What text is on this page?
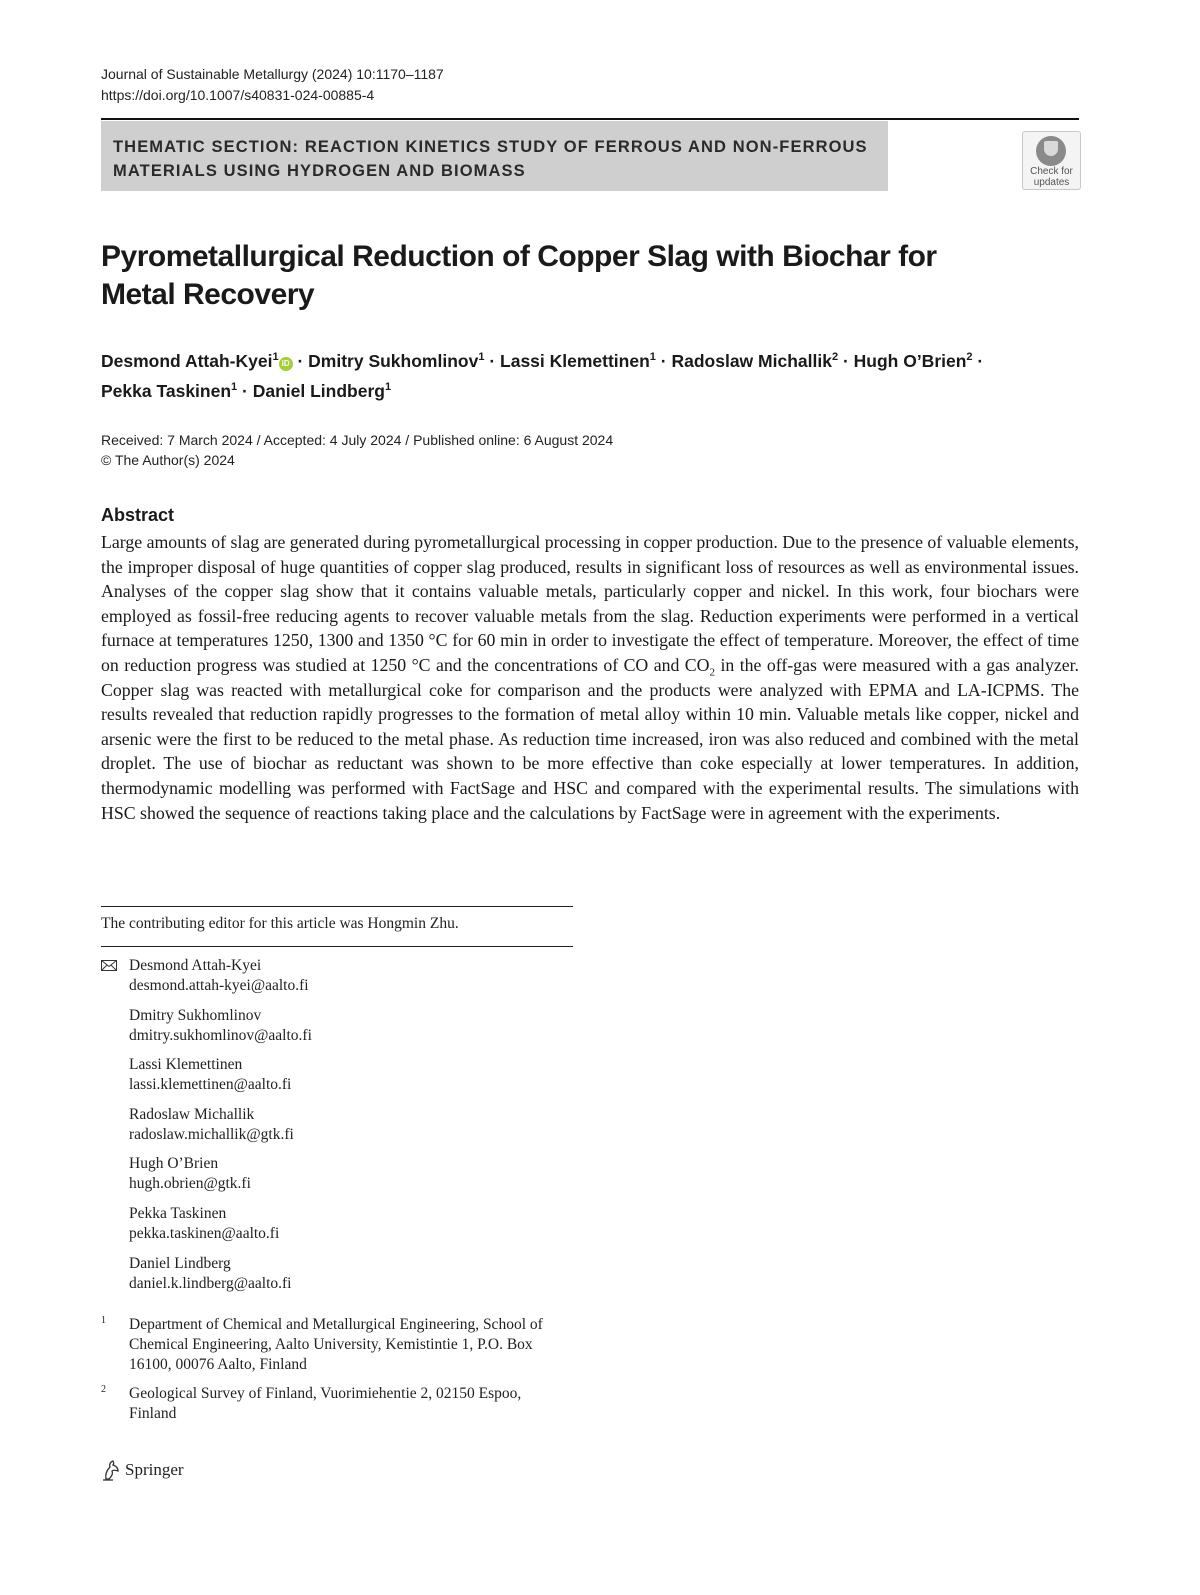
Journal of Sustainable Metallurgy (2024) 10:1170–1187
https://doi.org/10.1007/s40831-024-00885-4
THEMATIC SECTION: REACTION KINETICS STUDY OF FERROUS AND NON-FERROUS MATERIALS USING HYDROGEN AND BIOMASS	Check for
updates
Pyrometallurgical Reduction of Copper Slag with Biochar for Metal Recovery
Desmond Attah-Kyei$^1$iD · Dmitry Sukhomlinov$^1$ · Lassi Klemettinen$^1$ · Radoslaw Michallik$^2$ · Hugh O’Brien$^2$ ·
Pekka Taskinen$^1$ · Daniel Lindberg$^1$
Received: 7 March 2024 / Accepted: 4 July 2024 / Published online: 6 August 2024
© The Author(s) 2024
Abstract

Large amounts of slag are generated during pyrometallurgical processing in copper production. Due to the presence of valuable elements, the improper disposal of huge quantities of copper slag produced, results in significant loss of resources as well as environmental issues. Analyses of the copper slag show that it contains valuable metals, particularly copper and nickel. In this work, four biochars were employed as fossil-free reducing agents to recover valuable metals from the slag. Reduction experiments were performed in a vertical furnace at temperatures 1250, 1300 and 1350 °C for 60 min in order to investigate the effect of temperature. Moreover, the effect of time on reduction progress was studied at 1250 °C and the concentrations of CO and $CO_2$ in the off-gas were measured with a gas analyzer. Copper slag was reacted with metallurgical coke for comparison and the products were analyzed with EPMA and LA-ICPMS. The results revealed that reduction rapidly progresses to the formation of metal alloy within 10 min. Valuable metals like copper, nickel and arsenic were the first to be reduced to the metal phase. As reduction time increased, iron was also reduced and combined with the metal droplet. The use of biochar as reductant was shown to be more effective than coke especially at lower temperatures. In addition, thermodynamic modelling was performed with FactSage and HSC and compared with the experimental results. The simulations with HSC showed the sequence of reactions taking place and the calculations by FactSage were in agreement with the experiments.

The contributing editor for this article was Hongmin Zhu.
Desmond Attah-Kyei
desmond.attah-kyei@aalto.fi
Dmitry Sukhomlinov
dmitry.sukhomlinov@aalto.fi
Lassi Klemettinen
lassi.klemettinen@aalto.fi
Radoslaw Michallik
radoslaw.michallik@gtk.fi
Hugh O’Brien
hugh.obrien@gtk.fi
Pekka Taskinen
pekka.taskinen@aalto.fi
Daniel Lindberg
daniel.k.lindberg@aalto.fi
1 Department of Chemical and Metallurgical Engineering, School of Chemical Engineering, Aalto University, Kemistintie 1, P.O. Box 16100, 00076 Aalto, Finland
2 Geological Survey of Finland, Vuorimiehentie 2, 02150 Espoo, Finland
Springer
